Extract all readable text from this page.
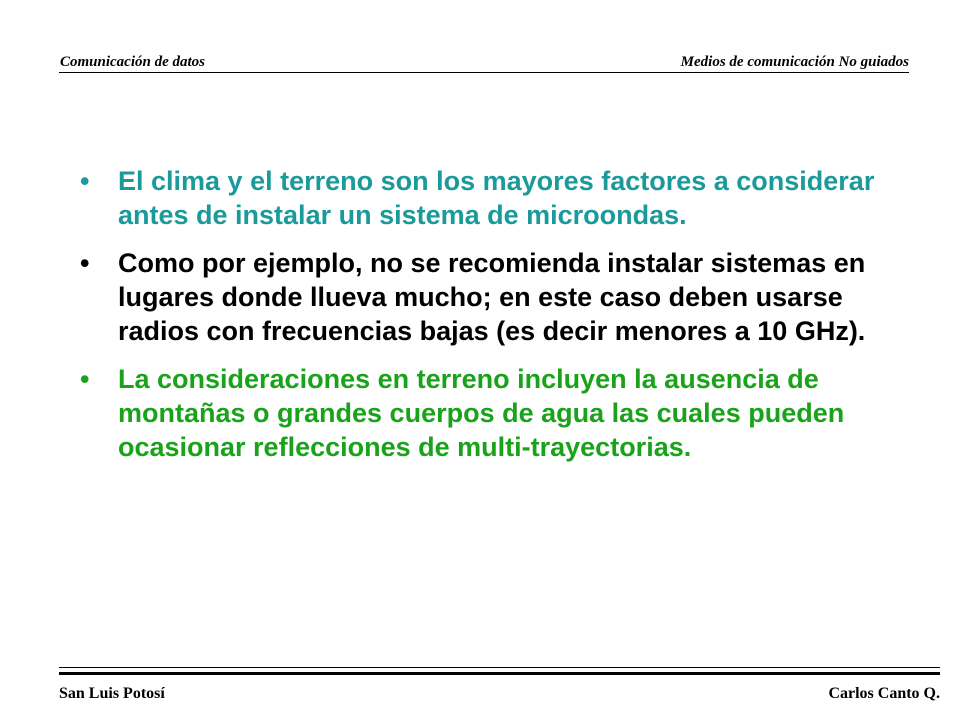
Comunicación de datos	Medios de comunicación No guiados
• El clima y el terreno son los mayores factores a considerar antes de instalar un sistema de microondas.
• Como por ejemplo, no se recomienda instalar sistemas en lugares donde llueva mucho; en este caso deben usarse radios con frecuencias bajas (es decir menores a 10 GHz).
• La consideraciones en terreno incluyen la ausencia de montañas o grandes cuerpos de agua las cuales pueden ocasionar reflecciones de multi-trayectorias.
San Luis Potosí	Carlos Canto Q.
